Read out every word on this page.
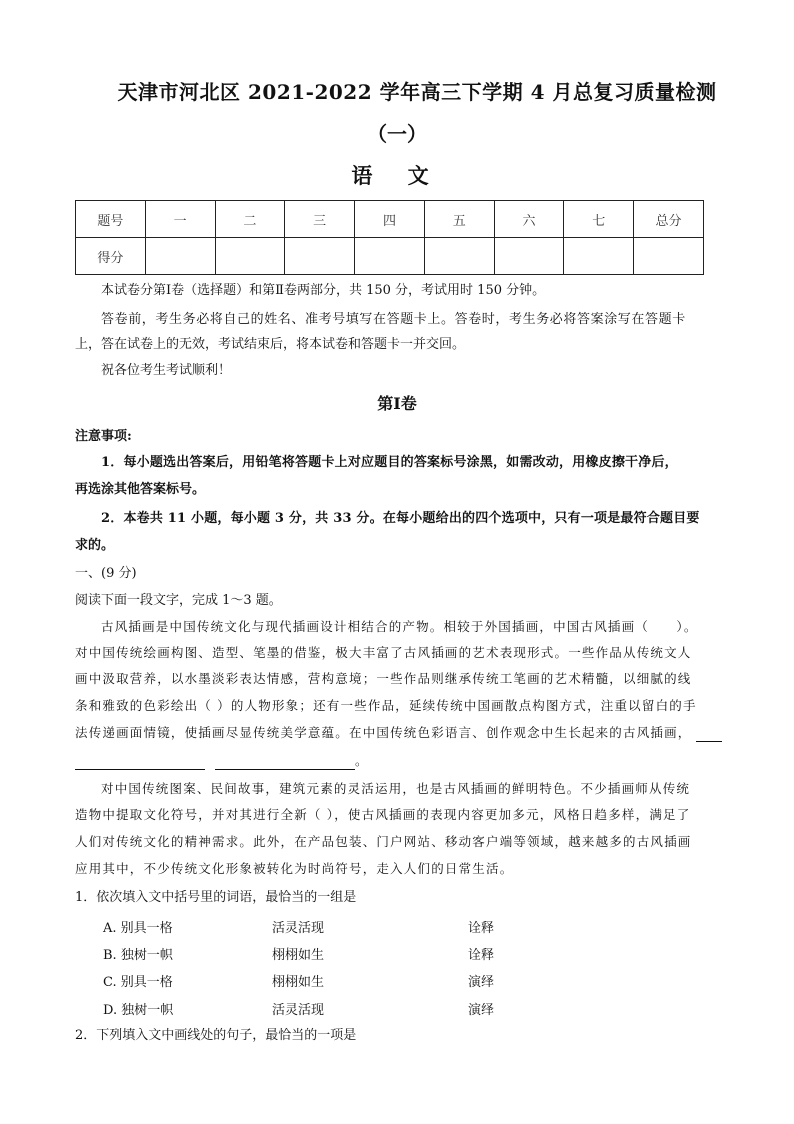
天津市河北区 2021-2022 学年高三下学期 4 月总复习质量检测
（一）
语 文
题号	一	二	三	四	五	六	七	总分
得分								
本试卷分第Ⅰ卷（选择题）和第Ⅱ卷两部分，共 150 分，考试用时 150 分钟。
答卷前，考生务必将自己的姓名、准考号填写在答题卡上。答卷时，考生务必将答案涂写在答题卡
上，答在试卷上的无效，考试结束后，将本试卷和答题卡一并交回。
祝各位考生考试顺利！
第Ⅰ卷
注意事项:
1．每小题选出答案后，用铅笔将答题卡上对应题目的答案标号涂黑，如需改动，用橡皮擦干净后，
再选涂其他答案标号。
2．本卷共 11 小题，每小题 3 分，共 33 分。在每小题给出的四个选项中，只有一项是最符合题目要
求的。
一、(9 分)
阅读下面一段文字，完成 1～3 题。
古风插画是中国传统文化与现代插画设计相结合的产物。相较于外国插画，中国古风插画（　　）。
对中国传统绘画构图、造型、笔墨的借鉴，极大丰富了古风插画的艺术表现形式。一些作品从传统文人
画中汲取营养，以水墨淡彩表达情感，营构意境；一些作品则继承传统工笔画的艺术精髓，以细腻的线
条和雅致的色彩绘出（ ）的人物形象；还有一些作品，延续传统中国画散点构图方式，注重以留白的手
法传递画面情镜，使插画尽显传统美学意蕴。在中国传统色彩语言、创作观念中生长起来的古风插画，
。
对中国传统图案、民间故事，建筑元素的灵活运用，也是古风插画的鲜明特色。不少插画师从传统
造物中提取文化符号，并对其进行全新（ ），使古风插画的表现内容更加多元，风格日趋多样，满足了
人们对传统文化的精神需求。此外，在产品包装、门户网站、移动客户端等领域，越来越多的古风插画
应用其中，不少传统文化形象被转化为时尚符号，走入人们的日常生活。
1．依次填入文中括号里的词语，最恰当的一组是
A. 别具一格	活灵活现	诠释
B. 独树一帜	栩栩如生	诠释
C. 别具一格	栩栩如生	演绎
D. 独树一帜	活灵活现	演绎
2．下列填入文中画线处的句子，最恰当的一项是
